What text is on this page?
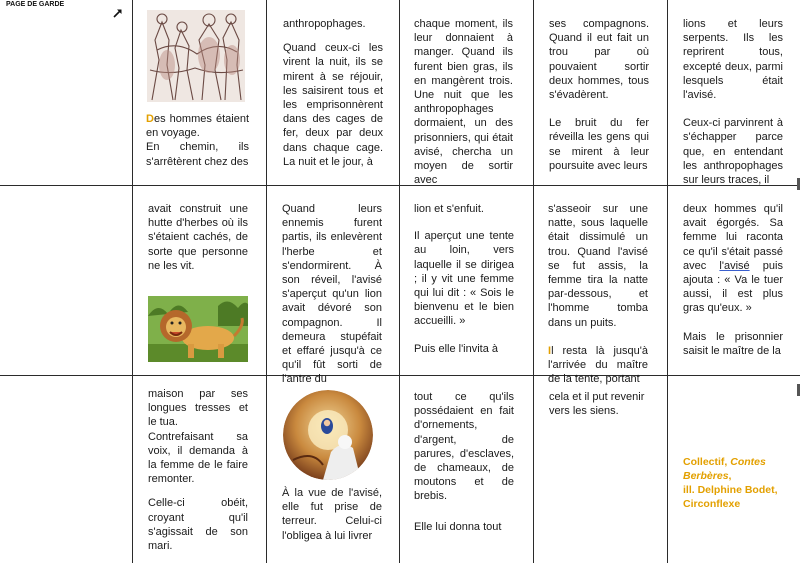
PAGE DE GARDE

Des hommes étaient en voyage.
En chemin, ils s'arrêtèrent chez des

anthropophages.

Quand ceux-ci les virent la nuit, ils se mirent à se réjouir, les saisirent tous et les emprisonnèrent dans des cages de fer, deux par deux dans chaque cage. La nuit et le jour, à

chaque moment, ils leur donnaient à manger. Quand ils furent bien gras, ils en mangèrent trois. Une nuit que les anthropophages dormaient, un des prisonniers, qui était avisé, chercha un moyen de sortir avec

ses compagnons. Quand il eut fait un trou par où pouvaient sortir deux hommes, tous s'évadèrent.

Le bruit du fer réveilla les gens qui se mirent à leur poursuite avec leurs

lions et leurs serpents. Ils les reprirent tous, excepté deux, parmi lesquels était l'avisé.

Ceux-ci parvinrent à s'échapper parce que, en entendant les anthropophages sur leurs traces, il

avait construit une hutte d'herbes où ils s'étaient cachés, de sorte que personne ne les vit.

Quand leurs ennemis furent partis, ils enlevèrent l'herbe et s'endormirent. À son réveil, l'avisé s'aperçut qu'un lion avait dévoré son compagnon. Il demeura stupéfait et effaré jusqu'à ce qu'il fût sorti de l'antre du

lion et s'enfuit.

Il aperçut une tente au loin, vers laquelle il se dirigea ; il y vit une femme qui lui dit : « Sois le bienvenu et le bien accueilli. »

Puis elle l'invita à

s'asseoir sur une natte, sous laquelle était dissimulé un trou. Quand l'avisé se fut assis, la femme tira la natte par-dessous, et l'homme tomba dans un puits.

Il resta là jusqu'à l'arrivée du maître de la tente, portant

deux hommes qu'il avait égorgés. Sa femme lui raconta ce qu'il s'était passé avec l'avisé puis ajouta : « Va le tuer aussi, il est plus gras qu'eux. »

Mais le prisonnier saisit le maître de la

maison par ses longues tresses et le tua.
Contrefaisant sa voix, il demanda à la femme de le faire remonter.

Celle-ci obéit, croyant qu'il s'agissait de son mari.

À la vue de l'avisé, elle fut prise de terreur. Celui-ci l'obligea à lui livrer

tout ce qu'ils possédaient en fait d'ornements, d'argent, de parures, d'esclaves, de chameaux, de moutons et de brebis.

Elle lui donna tout

cela et il put revenir vers les siens.

Collectif, Contes Berbères,
ill. Delphine Bodet, Circonflexe
